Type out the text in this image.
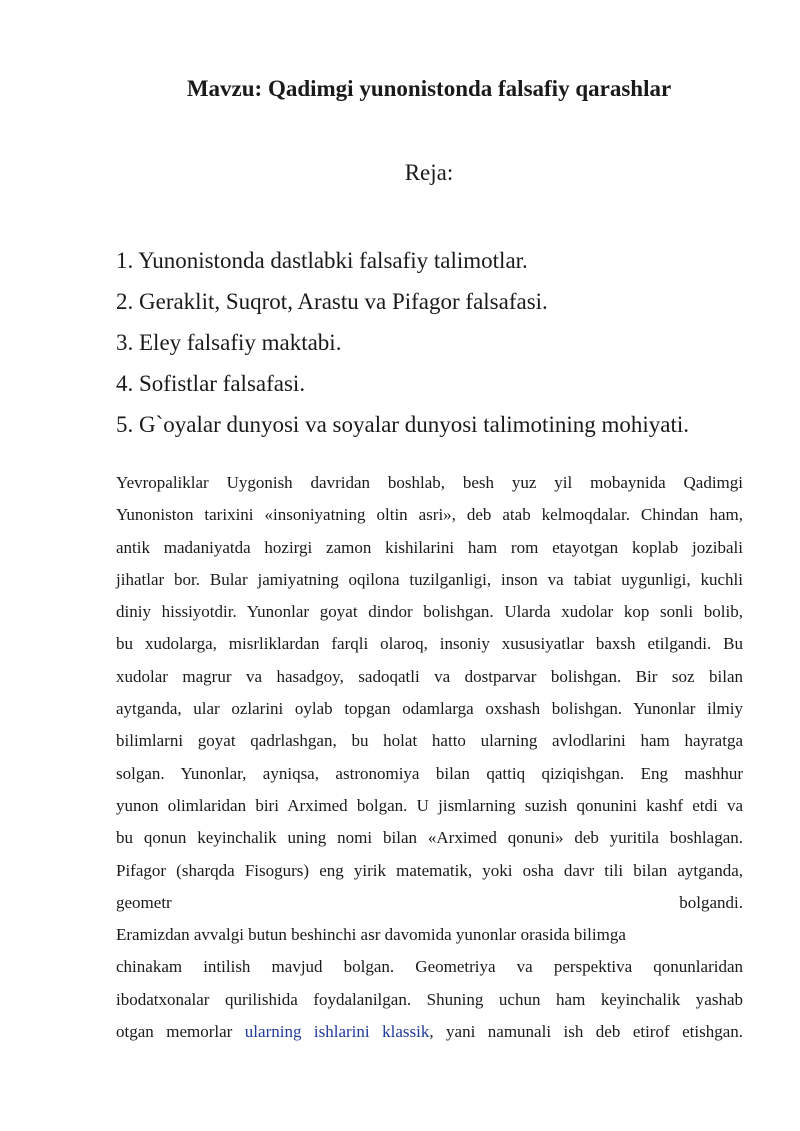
Mavzu: Qadimgi yunonistonda falsafiy qarashlar
Reja:
1. Yunonistonda dastlabki falsafiy talimotlar.
2. Geraklit, Suqrot, Arastu va Pifagor falsafasi.
3. Eley falsafiy maktabi.
4. Sofistlar falsafasi.
5. G`oyalar dunyosi va soyalar dunyosi talimotining mohiyati.
Yevropaliklar Uygonish davridan boshlab, besh yuz yil mobaynida Qadimgi
Yunoniston tarixini «insoniyatning oltin asri», deb atab kelmoqdalar. Chindan ham,
antik madaniyatda hozirgi zamon kishilarini ham rom etayotgan koplab jozibali
jihatlar bor. Bular jamiyatning oqilona tuzilganligi, inson va tabiat uygunligi, kuchli
diniy hissiyotdir. Yunonlar goyat dindor bolishgan. Ularda xudolar kop sonli bolib,
bu xudolarga, misrliklardan farqli olaroq, insoniy xususiyatlar baxsh etilgandi. Bu
xudolar magrur va hasadgoy, sadoqatli va dostparvar bolishgan. Bir soz bilan
aytganda, ular ozlarini oylab topgan odamlarga oxshash bolishgan. Yunonlar ilmiy
bilimlarni goyat qadrlashgan, bu holat hatto ularning avlodlarini ham hayratga
solgan. Yunonlar, ayniqsa, astronomiya bilan qattiq qiziqishgan. Eng mashhur
yunon olimlaridan biri Arximed bolgan. U jismlarning suzish qonunini kashf etdi va
bu qonun keyinchalik uning nomi bilan «Arximed qonuni» deb yuritila boshlagan.
Pifagor (sharqda Fisogurs) eng yirik matematik, yoki osha davr tili bilan aytganda,
geometr bolgandi.
Eramizdan avvalgi butun beshinchi asr davomida yunonlar orasida bilimga
chinakam intilish mavjud bolgan. Geometriya va perspektiva qonunlaridan
ibodatxonalar qurilishida foydalanilgan. Shuning uchun ham keyinchalik yashab
otgan memorlar ularning ishlarini klassik, yani namunali ish deb etirof etishgan.
